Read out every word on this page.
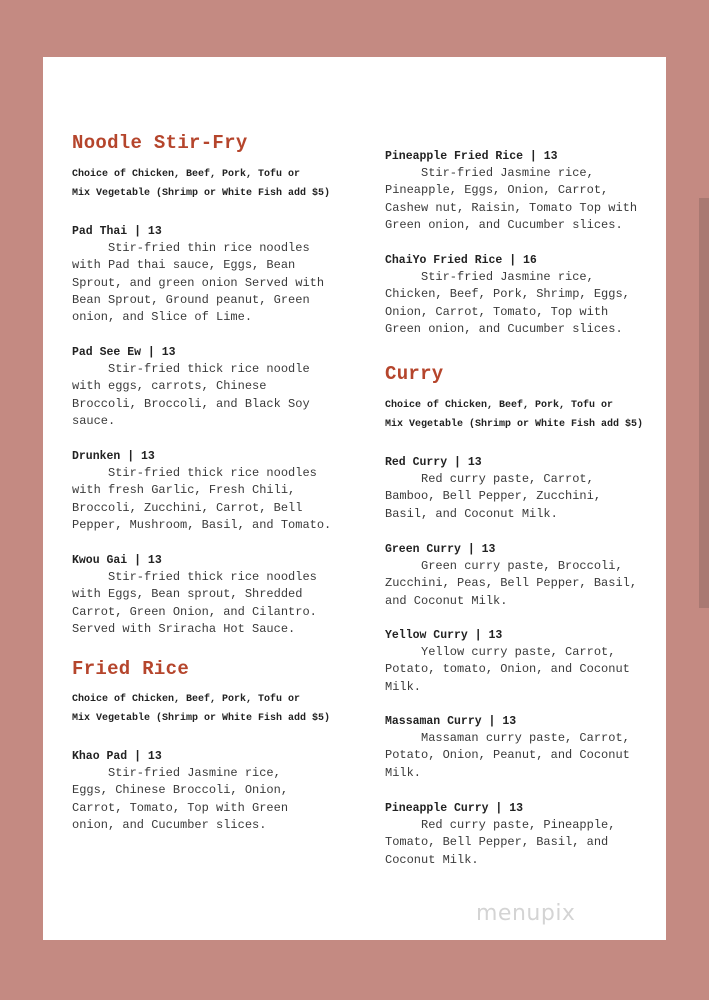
Noodle Stir-Fry
Choice of Chicken, Beef, Pork, Tofu or
Mix Vegetable (Shrimp or White Fish add $5)
Pad Thai | 13
Stir-fried thin rice noodles
with Pad thai sauce, Eggs, Bean
Sprout, and green onion Served with
Bean Sprout, Ground peanut, Green
onion, and Slice of Lime.
Pad See Ew | 13
Stir-fried thick rice noodle
with eggs, carrots, Chinese
Broccoli, Broccoli, and Black Soy
sauce.
Drunken | 13
Stir-fried thick rice noodles
with fresh Garlic, Fresh Chili,
Broccoli, Zucchini, Carrot, Bell
Pepper, Mushroom, Basil, and Tomato.
Kwou Gai | 13
Stir-fried thick rice noodles
with Eggs, Bean sprout, Shredded
Carrot, Green Onion, and Cilantro.
Served with Sriracha Hot Sauce.
Fried Rice
Choice of Chicken, Beef, Pork, Tofu or
Mix Vegetable (Shrimp or White Fish add $5)
Khao Pad | 13
Stir-fried Jasmine rice,
Eggs, Chinese Broccoli, Onion,
Carrot, Tomato, Top with Green
onion, and Cucumber slices.
Pineapple Fried Rice | 13
Stir-fried Jasmine rice,
Pineapple, Eggs, Onion, Carrot,
Cashew nut, Raisin, Tomato Top with
Green onion, and Cucumber slices.
ChaiYo Fried Rice | 16
Stir-fried Jasmine rice,
Chicken, Beef, Pork, Shrimp, Eggs,
Onion, Carrot, Tomato, Top with
Green onion, and Cucumber slices.
Curry
Choice of Chicken, Beef, Pork, Tofu or
Mix Vegetable (Shrimp or White Fish add $5)
Red Curry | 13
Red curry paste, Carrot,
Bamboo, Bell Pepper, Zucchini,
Basil, and Coconut Milk.
Green Curry | 13
Green curry paste, Broccoli,
Zucchini, Peas, Bell Pepper, Basil,
and Coconut Milk.
Yellow Curry | 13
Yellow curry paste, Carrot,
Potato, tomato, Onion, and Coconut
Milk.
Massaman Curry | 13
Massaman curry paste, Carrot,
Potato, Onion, Peanut, and Coconut
Milk.
Pineapple Curry | 13
Red curry paste, Pineapple,
Tomato, Bell Pepper, Basil, and
Coconut Milk.
menupix
